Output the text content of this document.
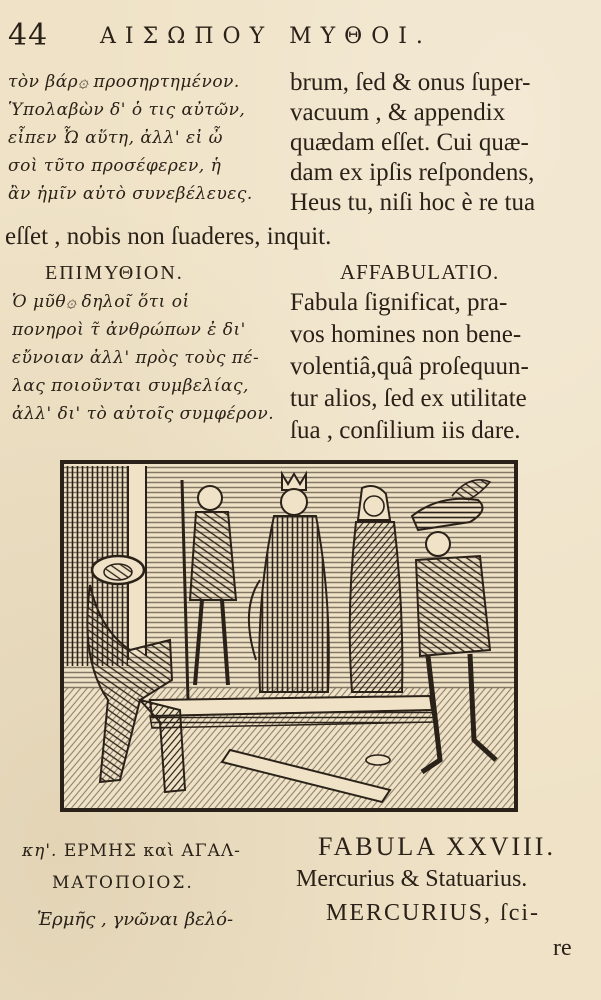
44 ΑΙΣΩΠΟΥ ΜΥΘΟΙ.
τὸν βάρ۞ προσηρτημένον.
Ὑπολαβὼν δ' ὁ τις αὐτῶν,
εἶπεν Ὦ αὕτη, ἀλλ' εἰ ὦ
σοὶ τῦτο προσέφερεν, ἡ
ἂν ἡμῖν αὐτὸ συνεβέλευες.
brum, ſed & onus ſuper-
vacuum , & appendix
quædam eſſet. Cui quæ-
dam ex ipſis reſpondens,
Heus tu, niſi hoc è re tua
eſſet , nobis non ſuaderes, inquit.
ΕΠΙΜΥΘΙΟΝ.	AFFABULATIO.
Ὁ μῦθ۞ δηλοῖ ὅτι οἱ
πονηροὶ τ̃ ἀνθρώπων ἐ δι'
εὔνοιαν ἀλλ' πρὸς τοὺς πέ-
λας ποιοῦνται συμβελίας,
ἀλλ' δι' τὸ αὐτοῖς συμφέρον.
Fabula ſignificat, pra-
vos homines non bene-
volentiâ,quâ proſequun-
tur alios, ſed ex utilitate
ſua , conſilium iis dare.
κη'. ΕΡΜΗΣ καὶ ΑΓΑΛ-
ΜΑΤΟΠΟΙΟΣ.
Ἑρμῆς , γνῶναι βελό-
FABULA XXVIII.
Mercurius & Statuarius.
MERCURIUS, ſci-
re
